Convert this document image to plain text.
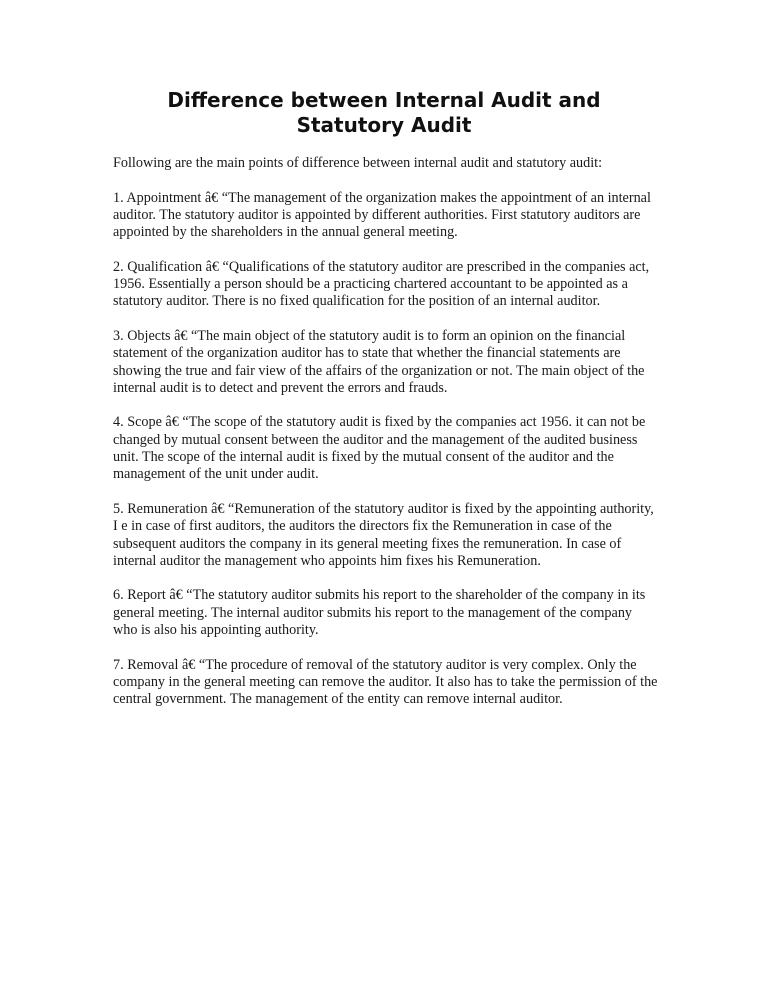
Difference between Internal Audit and
Statutory Audit

Following are the main points of difference between internal audit and statutory audit:

1. Appointment â€ “The management of the organization makes the appointment of an internal auditor. The statutory auditor is appointed by different authorities. First statutory auditors are appointed by the shareholders in the annual general meeting.

2. Qualification â€ “Qualifications of the statutory auditor are prescribed in the companies act, 1956. Essentially a person should be a practicing chartered accountant to be appointed as a statutory auditor. There is no fixed qualification for the position of an internal auditor.

3. Objects â€ “The main object of the statutory audit is to form an opinion on the financial statement of the organization auditor has to state that whether the financial statements are showing the true and fair view of the affairs of the organization or not. The main object of the internal audit is to detect and prevent the errors and frauds.

4. Scope â€ “The scope of the statutory audit is fixed by the companies act 1956. it can not be changed by mutual consent between the auditor and the management of the audited business unit. The scope of the internal audit is fixed by the mutual consent of the auditor and the management of the unit under audit.

5. Remuneration â€ “Remuneration of the statutory auditor is fixed by the appointing authority, I e in case of first auditors, the auditors the directors fix the Remuneration in case of the subsequent auditors the company in its general meeting fixes the remuneration. In case of internal auditor the management who appoints him fixes his Remuneration.

6. Report â€ “The statutory auditor submits his report to the shareholder of the company in its general meeting. The internal auditor submits his report to the management of the company who is also his appointing authority.

7. Removal â€ “The procedure of removal of the statutory auditor is very complex. Only the company in the general meeting can remove the auditor. It also has to take the permission of the central government. The management of the entity can remove internal auditor.
